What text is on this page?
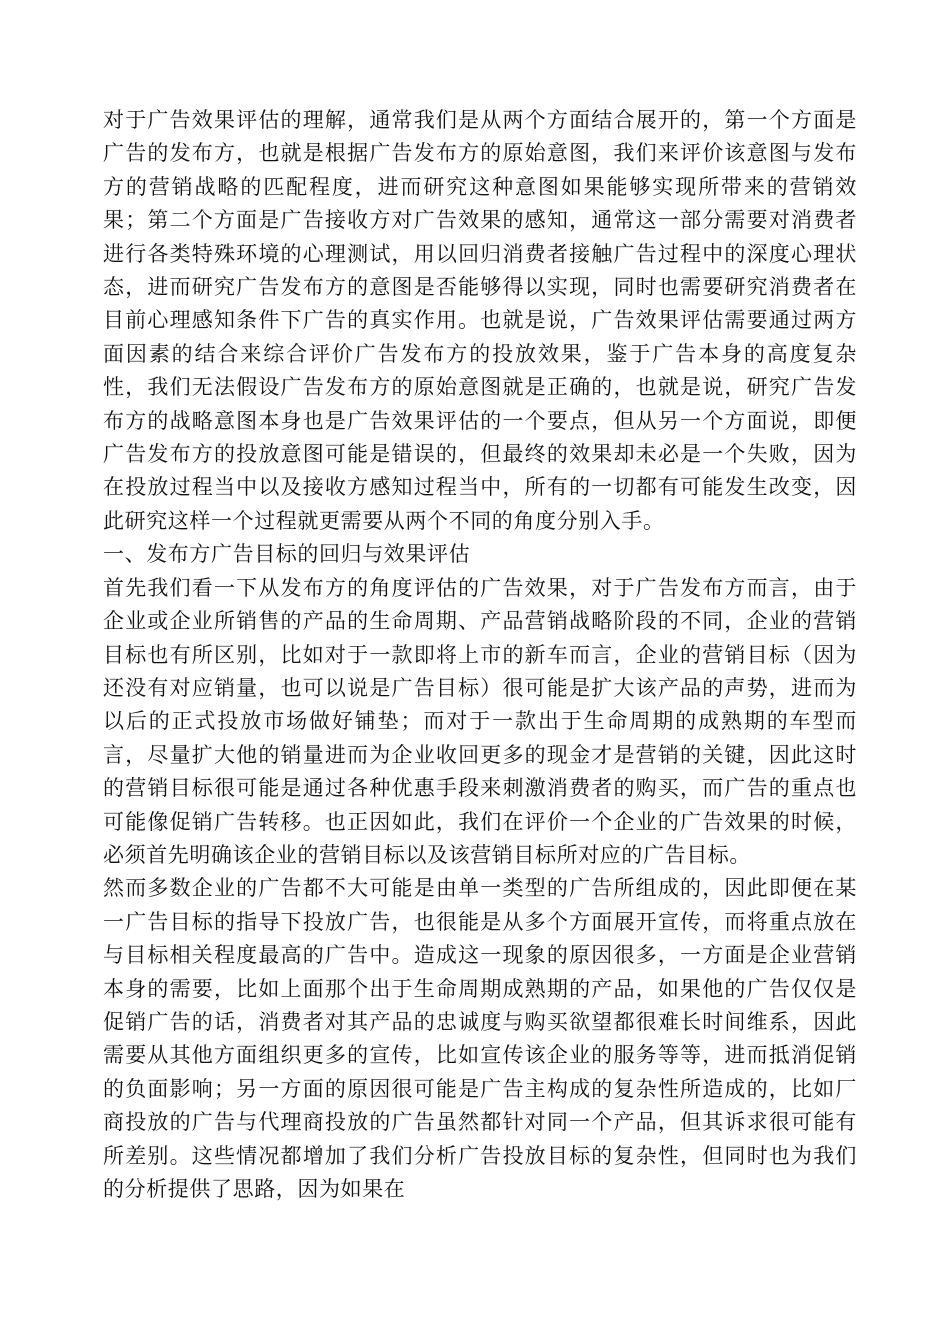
对于广告效果评估的理解，通常我们是从两个方面结合展开的，第一个方面是广告的发布方，也就是根据广告发布方的原始意图，我们来评价该意图与发布方的营销战略的匹配程度，进而研究这种意图如果能够实现所带来的营销效果；第二个方面是广告接收方对广告效果的感知，通常这一部分需要对消费者进行各类特殊环境的心理测试，用以回归消费者接触广告过程中的深度心理状态，进而研究广告发布方的意图是否能够得以实现，同时也需要研究消费者在目前心理感知条件下广告的真实作用。也就是说，广告效果评估需要通过两方面因素的结合来综合评价广告发布方的投放效果，鉴于广告本身的高度复杂性，我们无法假设广告发布方的原始意图就是正确的，也就是说，研究广告发布方的战略意图本身也是广告效果评估的一个要点，但从另一个方面说，即便广告发布方的投放意图可能是错误的，但最终的效果却未必是一个失败，因为在投放过程当中以及接收方感知过程当中，所有的一切都有可能发生改变，因此研究这样一个过程就更需要从两个不同的角度分别入手。

一、发布方广告目标的回归与效果评估

首先我们看一下从发布方的角度评估的广告效果，对于广告发布方而言，由于企业或企业所销售的产品的生命周期、产品营销战略阶段的不同，企业的营销目标也有所区别，比如对于一款即将上市的新车而言，企业的营销目标（因为还没有对应销量，也可以说是广告目标）很可能是扩大该产品的声势，进而为以后的正式投放市场做好铺垫；而对于一款出于生命周期的成熟期的车型而言，尽量扩大他的销量进而为企业收回更多的现金才是营销的关键，因此这时的营销目标很可能是通过各种优惠手段来刺激消费者的购买，而广告的重点也可能像促销广告转移。也正因如此，我们在评价一个企业的广告效果的时候，必须首先明确该企业的营销目标以及该营销目标所对应的广告目标。

然而多数企业的广告都不大可能是由单一类型的广告所组成的，因此即便在某一广告目标的指导下投放广告，也很能是从多个方面展开宣传，而将重点放在与目标相关程度最高的广告中。造成这一现象的原因很多，一方面是企业营销本身的需要，比如上面那个出于生命周期成熟期的产品，如果他的广告仅仅是促销广告的话，消费者对其产品的忠诚度与购买欲望都很难长时间维系，因此需要从其他方面组织更多的宣传，比如宣传该企业的服务等等，进而抵消促销的负面影响；另一方面的原因很可能是广告主构成的复杂性所造成的，比如厂商投放的广告与代理商投放的广告虽然都针对同一个产品，但其诉求很可能有所差别。这些情况都增加了我们分析广告投放目标的复杂性，但同时也为我们的分析提供了思路，因为如果在
